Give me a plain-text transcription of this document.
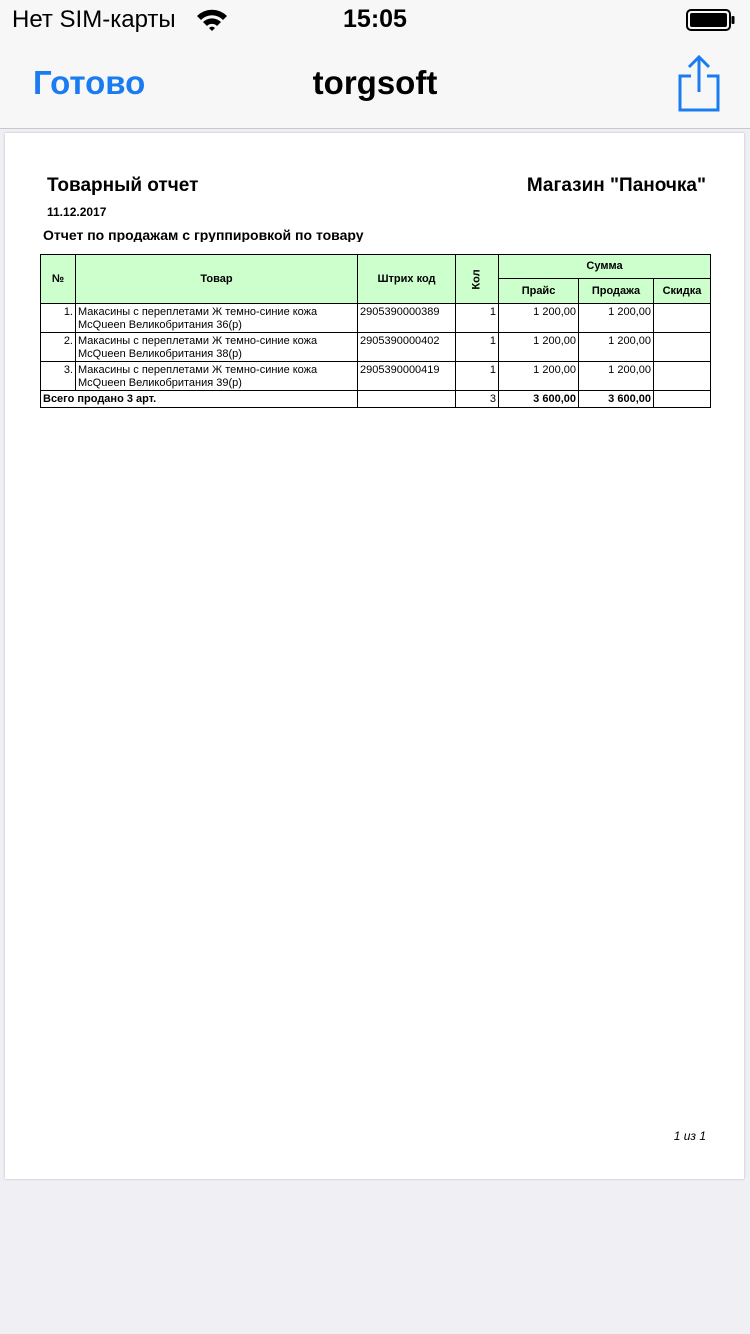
Нет SIM-карты	15:05
Готово	torgsoft
Товарный отчет	Магазин "Паночка"
11.12.2017
Отчет по продажам с группировкой по товару
№	Товар	Штрих код	Кол	Сумма		
				Прайс	Продажа	Скидка
1.	Макасины с переплетами Ж темно-синие кожа McQueen Великобритания 36(р)	2905390000389	1	1 200,00	1 200,00	
2.	Макасины с переплетами Ж темно-синие кожа McQueen Великобритания 38(р)	2905390000402	1	1 200,00	1 200,00	
3.	Макасины с переплетами Ж темно-синие кожа McQueen Великобритания 39(р)	2905390000419	1	1 200,00	1 200,00	
Всего продано 3 арт.			3	3 600,00	3 600,00	
1 из 1
